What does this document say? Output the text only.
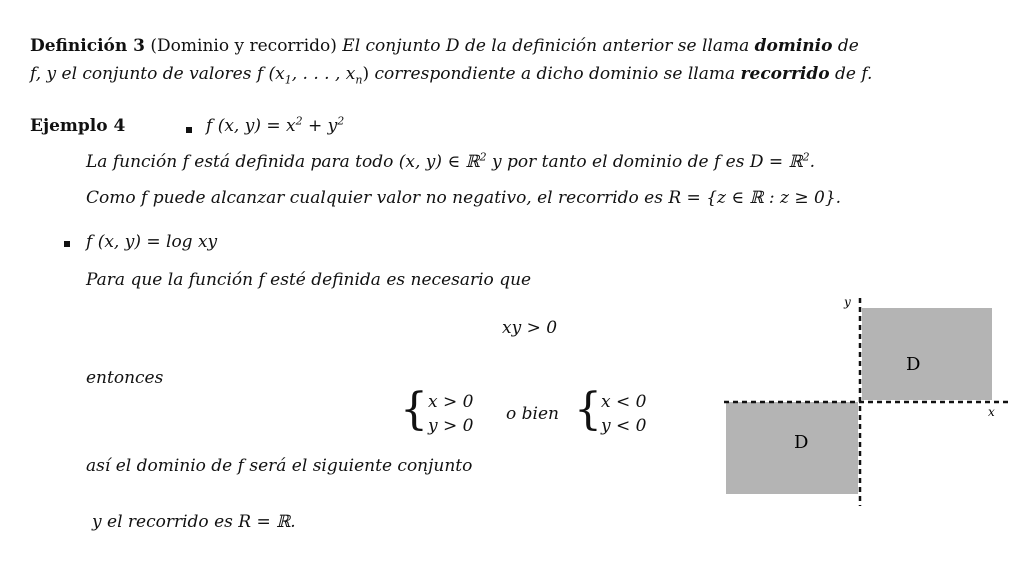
Definición 3 (Dominio y recorrido) El conjunto D de la definición anterior se llama dominio de
f, y el conjunto de valores f ($x_1$, . . . , $x_n$) correspondiente a dicho dominio se llama recorrido de f.
Ejemplo 4	f (x, $y) = x^2 + y^2$
La función f está definida para todo (x, y) ∈ ℝ$^2$ y por tanto el dominio de f es D = ℝ$^2$.
Como f puede alcanzar cualquier valor no negativo, el recorrido es R = {z ∈ ℝ : z ≥ 0}.
f (x, y) = log xy
Para que la función f esté definida es necesario que
xy > 0
entonces
{ x > 0
y > 0
o bien { x < 0
y < 0
así el dominio de f será el siguiente conjunto
y el recorrido es R = ℝ.
y
x
D
D
